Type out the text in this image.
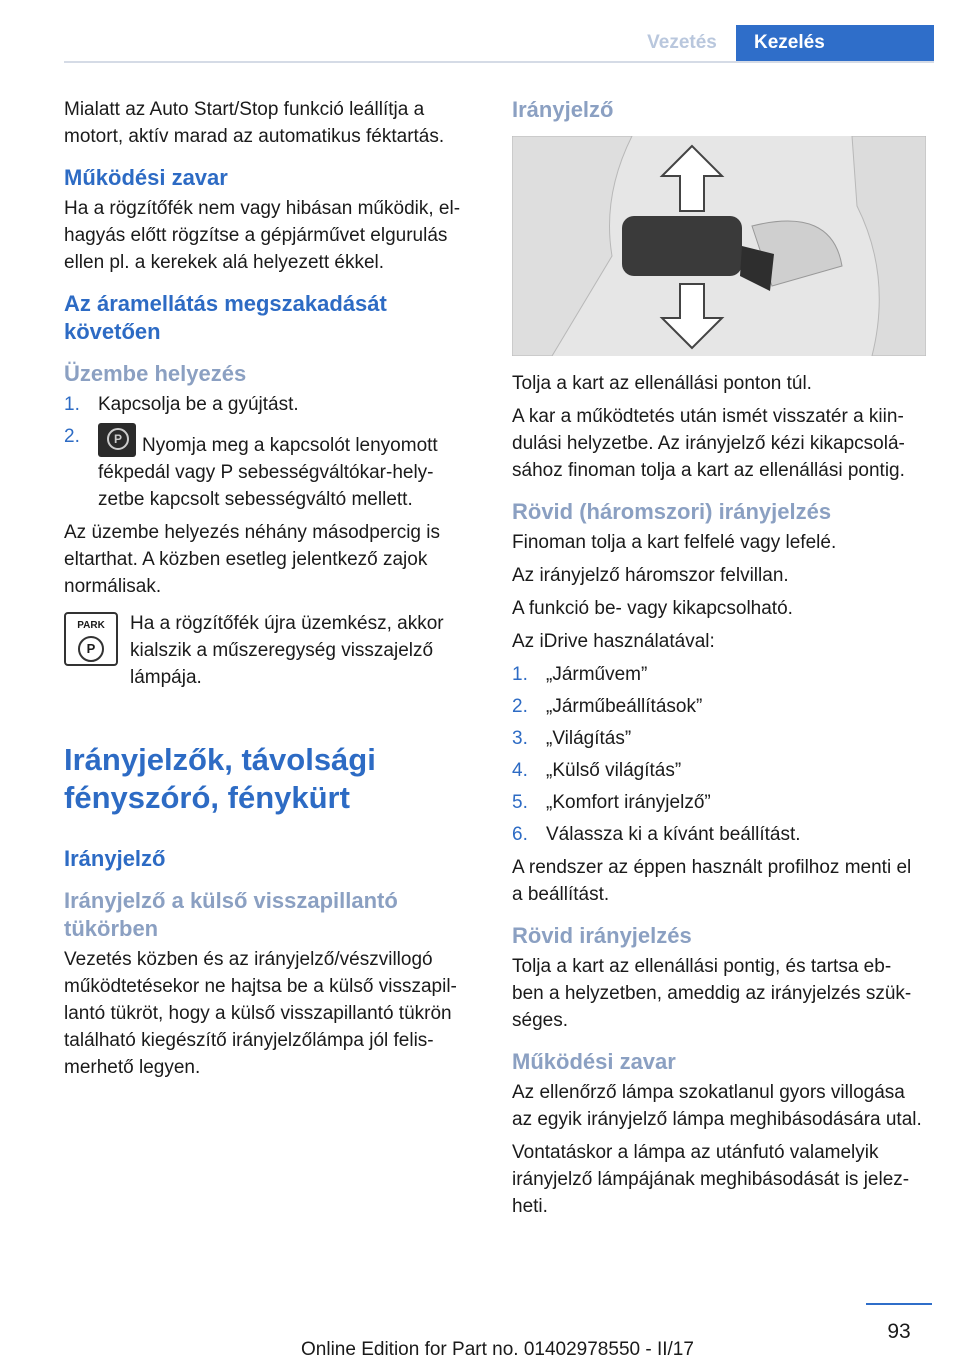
Vezetés	Kezelés

Mialatt az Auto Start/Stop funkció leállítja a motort, aktív marad az automatikus féktartás.

Működési zavar

Ha a rögzítőfék nem vagy hibásan működik, el‐ hagyás előtt rögzítse a gépjárművet elgurulás ellen pl. a kerekek alá helyezett ékkel.

Az áramellátás megszakadását követően
Üzembe helyezés
1. Kapcsolja be a gyújtást.
2.	P	Nyomja meg a kapcsolót lenyomott fékpedál vagy P sebességváltókar-hely‐ zetbe kapcsolt sebességváltó mellett.

Az üzembe helyezés néhány másodpercig is eltarthat. A közben esetleg jelentkező zajok normálisak.

PARK
P
Ha a rögzítőfék újra üzemkész, akkor kialszik a műszeregység visszajelző lámpája.
Irányjelzők, távolsági fényszóró, fénykürt
Irányjelző
Irányjelző a külső visszapillantó tükörben

Vezetés közben és az irányjelző/vészvillogó működtetésekor ne hajtsa be a külső visszapil‐ lantó tükröt, hogy a külső visszapillantó tükrön található kiegészítő irányjelzőlámpa jól felis‐ merhető legyen.

Irányjelző

Tolja a kart az ellenállási ponton túl.

A kar a működtetés után ismét visszatér a kiin‐ dulási helyzetbe. Az irányjelző kézi kikapcsolá‐ sához finoman tolja a kart az ellenállási pontig.

Rövid (háromszori) irányjelzés

Finoman tolja a kart felfelé vagy lefelé.

Az irányjelző háromszor felvillan.

A funkció be- vagy kikapcsolható.

Az iDrive használatával:

1. „Járművem”
2. „Járműbeállítások”
3. „Világítás”
4. „Külső világítás”
5. „Komfort irányjelző”
6. Válassza ki a kívánt beállítást.

A rendszer az éppen használt profilhoz menti el a beállítást.

Rövid irányjelzés

Tolja a kart az ellenállási pontig, és tartsa eb‐ ben a helyzetben, ameddig az irányjelzés szük‐ séges.

Működési zavar

Az ellenőrző lámpa szokatlanul gyors villogása az egyik irányjelző lámpa meghibásodására utal.

Vontatáskor a lámpa az utánfutó valamelyik irányjelző lámpájának meghibásodását is jelez‐ heti.

93
Online Edition for Part no. 01402978550 - II/17
